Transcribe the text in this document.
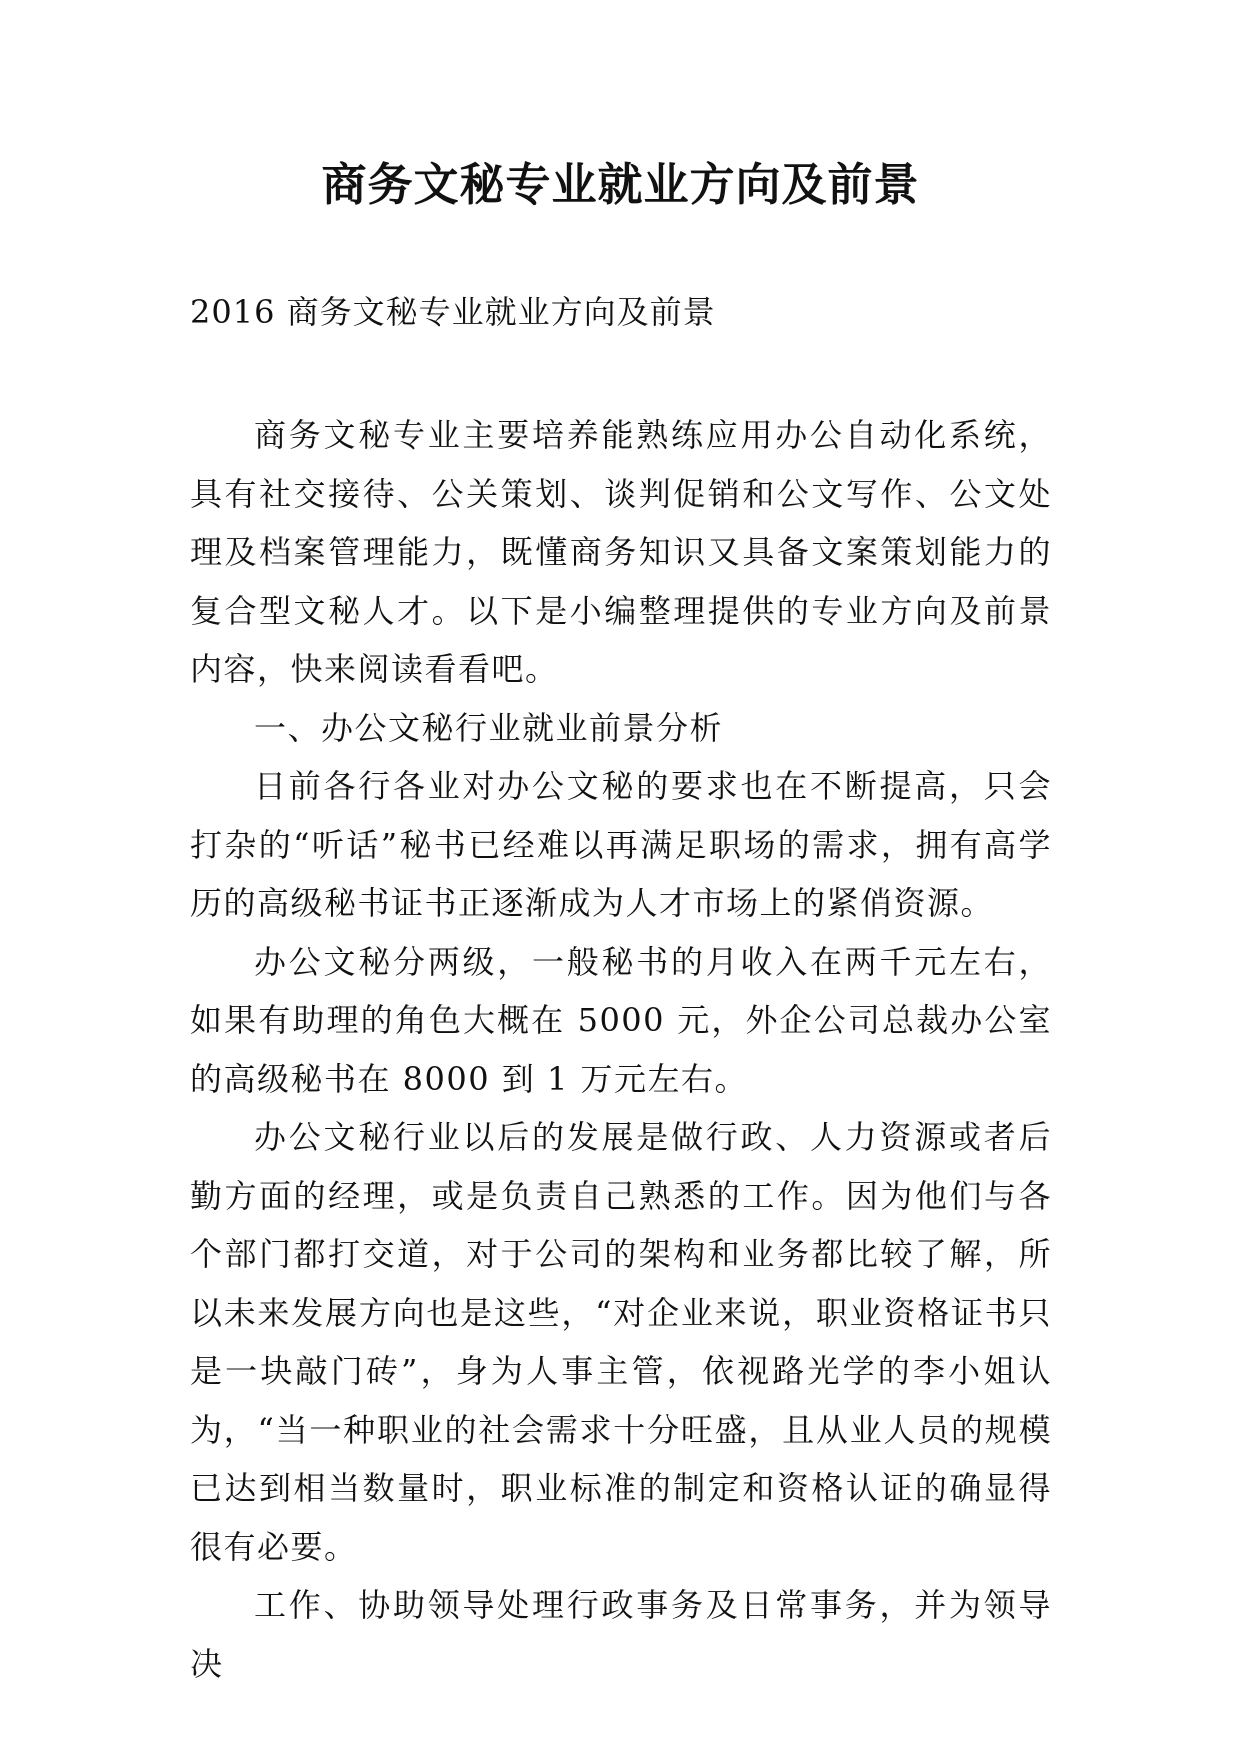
商务文秘专业就业方向及前景

2016 商务文秘专业就业方向及前景

商务文秘专业主要培养能熟练应用办公自动化系统，具有社交接待、公关策划、谈判促销和公文写作、公文处理及档案管理能力，既懂商务知识又具备文案策划能力的复合型文秘人才。以下是小编整理提供的专业方向及前景内容，快来阅读看看吧。

一、办公文秘行业就业前景分析

日前各行各业对办公文秘的要求也在不断提高，只会打杂的“听话”秘书已经难以再满足职场的需求，拥有高学历的高级秘书证书正逐渐成为人才市场上的紧俏资源。

办公文秘分两级，一般秘书的月收入在两千元左右，如果有助理的角色大概在 5000 元，外企公司总裁办公室的高级秘书在 8000 到 1 万元左右。

办公文秘行业以后的发展是做行政、人力资源或者后勤方面的经理，或是负责自己熟悉的工作。因为他们与各个部门都打交道，对于公司的架构和业务都比较了解，所以未来发展方向也是这些，“对企业来说，职业资格证书只是一块敲门砖”，身为人事主管，依视路光学的李小姐认为，“当一种职业的社会需求十分旺盛，且从业人员的规模已达到相当数量时，职业标准的制定和资格认证的确显得很有必要。

工作、协助领导处理行政事务及日常事务，并为领导决
